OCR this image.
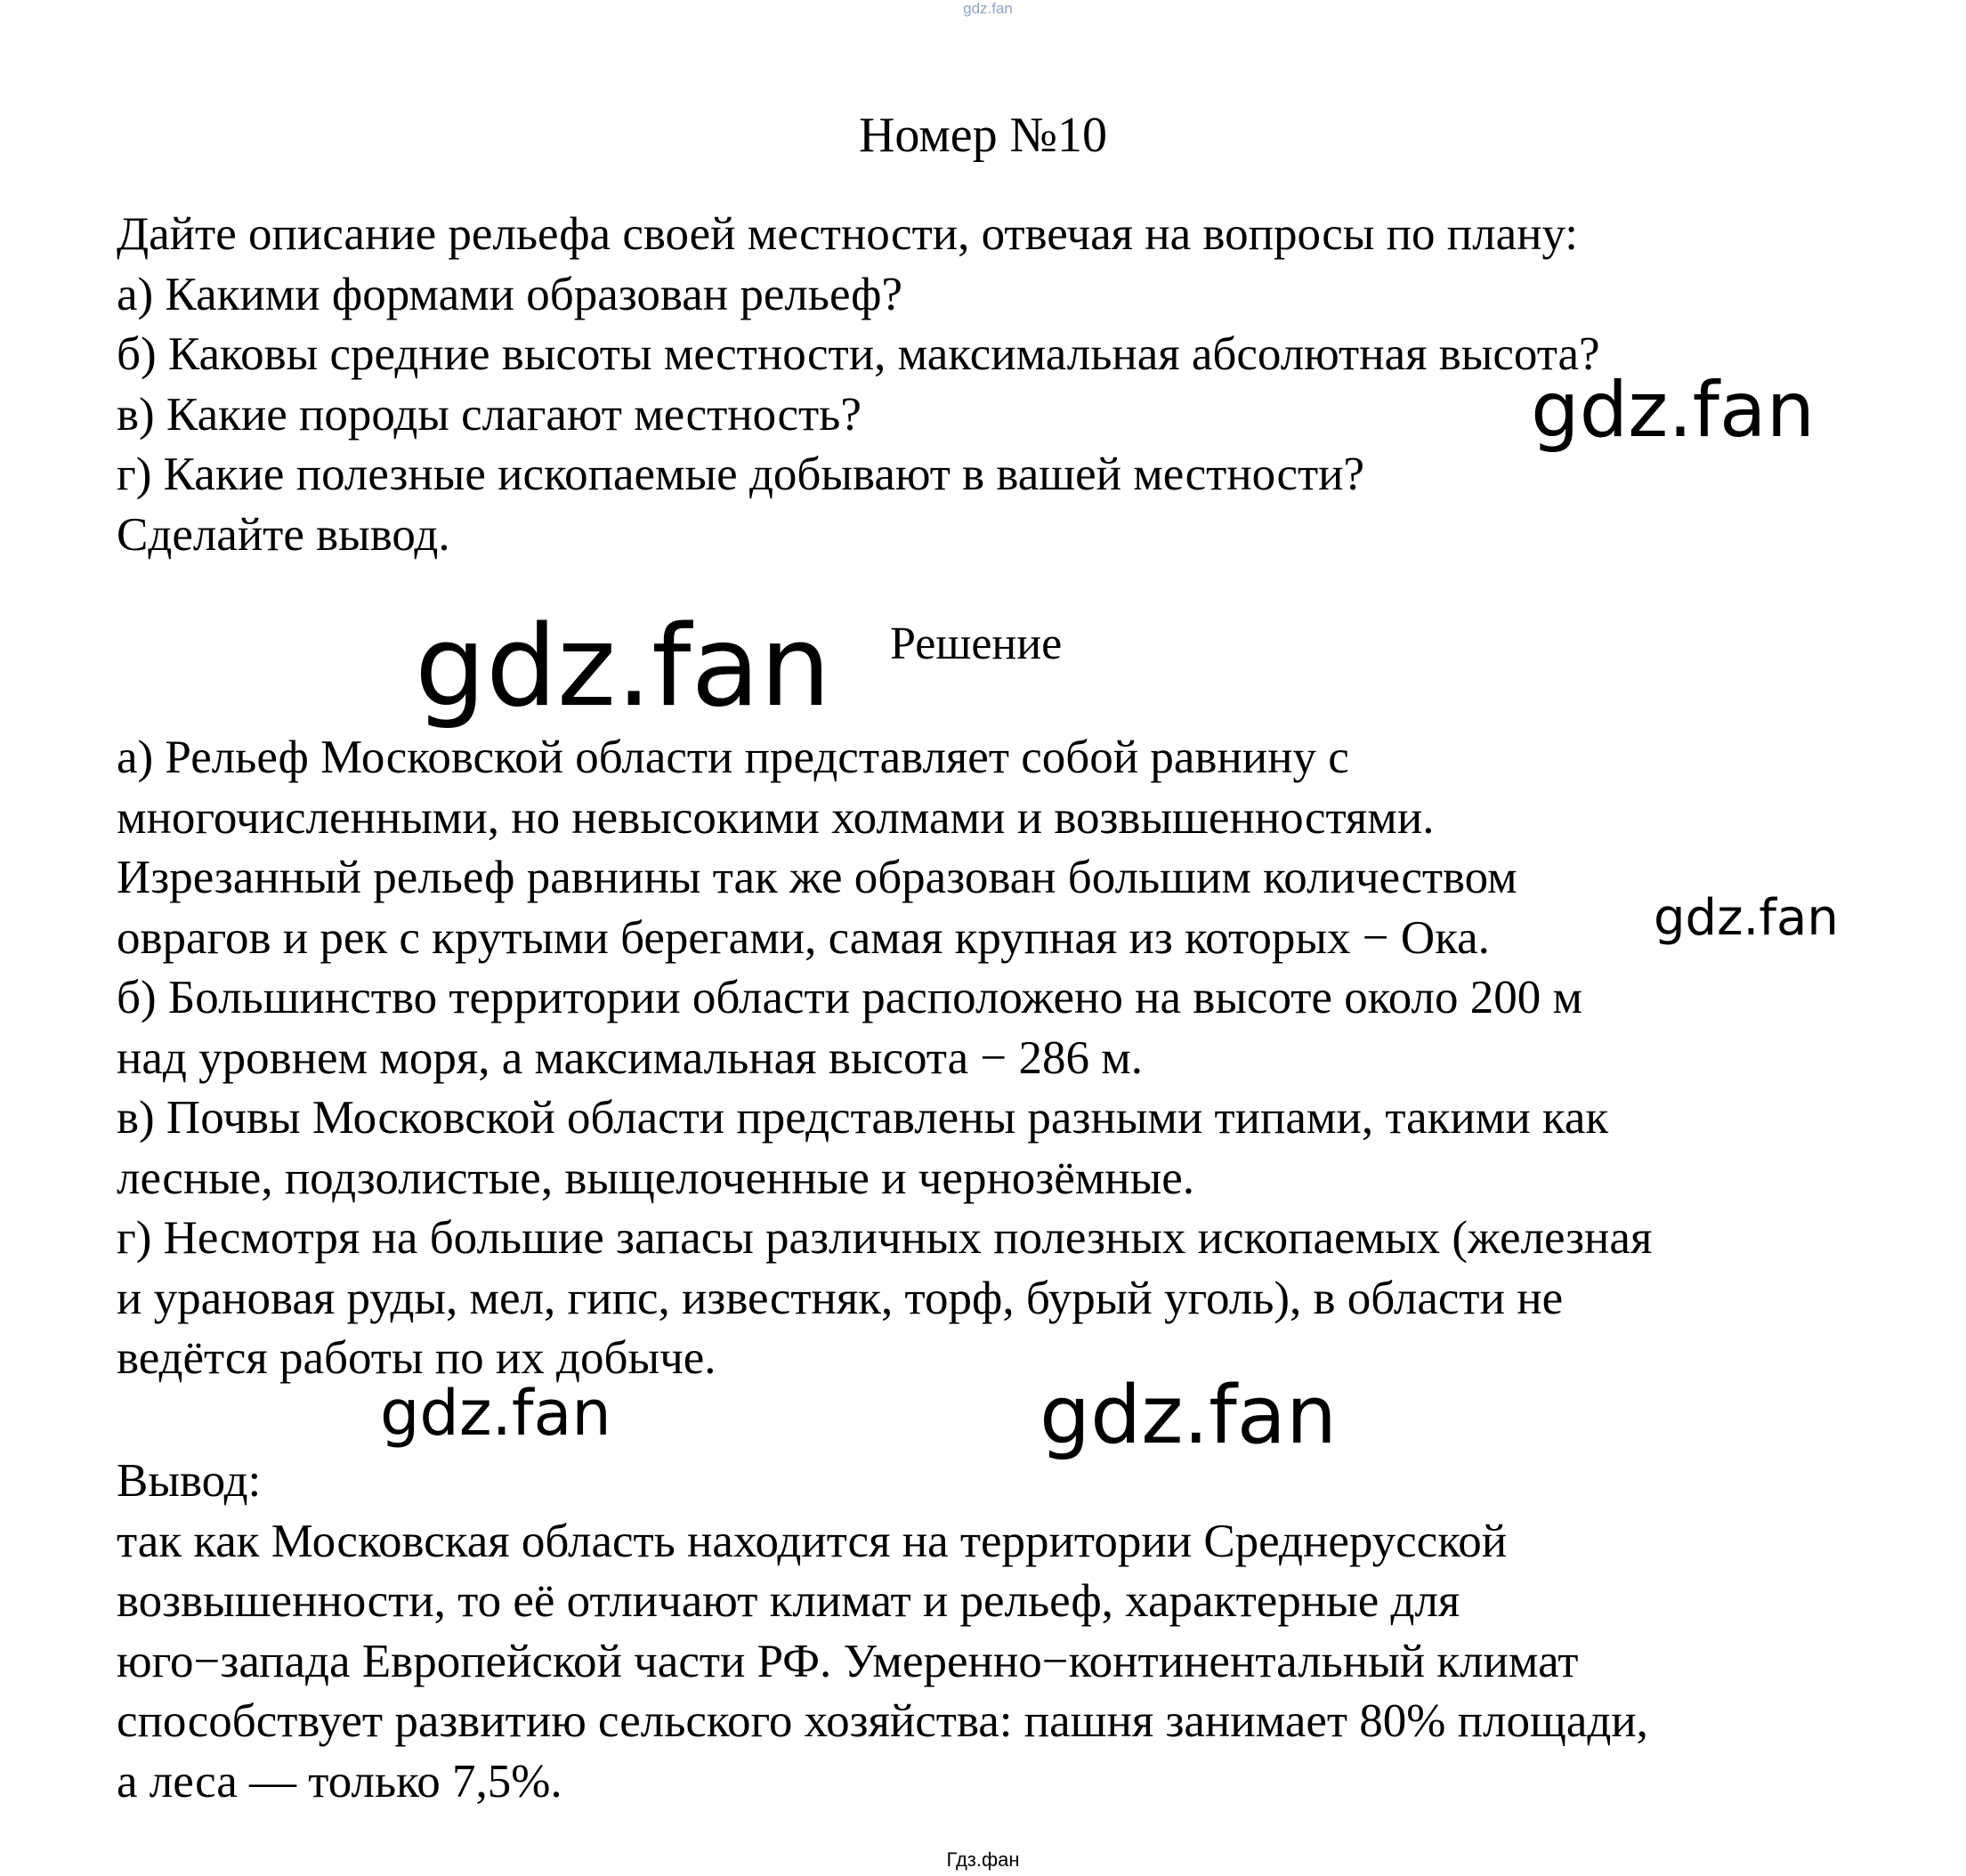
gdz.fan
Номер №10
Дайте описание рельефа своей местности, отвечая на вопросы по плану:
а) Какими формами образован рельеф?
б) Каковы средние высоты местности, максимальная абсолютная высота?
в) Какие породы слагают местность?
г) Какие полезные ископаемые добывают в вашей местности?
Сделайте вывод.
Решение
а) Рельеф Московской области представляет собой равнину с
многочисленными, но невысокими холмами и возвышенностями.
Изрезанный рельеф равнины так же образован большим количеством
оврагов и рек с крутыми берегами, самая крупная из которых − Ока.
б) Большинство территории области расположено на высоте около 200 м
над уровнем моря, а максимальная высота − 286 м.
в) Почвы Московской области представлены разными типами, такими как
лесные, подзолистые, выщелоченные и чернозёмные.
г) Несмотря на большие запасы различных полезных ископаемых (железная
и урановая руды, мел, гипс, известняк, торф, бурый уголь), в области не
ведётся работы по их добыче.
Вывод:
так как Московская область находится на территории Среднерусской
возвышенности, то её отличают климат и рельеф, характерные для
юго−запада Европейской части РФ. Умеренно−континентальный климат
способствует развитию сельского хозяйства: пашня занимает 80% площади,
а леса — только 7,5%.
gdz.fan
gdz.fan
gdz.fan
gdz.fan	gdz.fan
Гдз.фан
